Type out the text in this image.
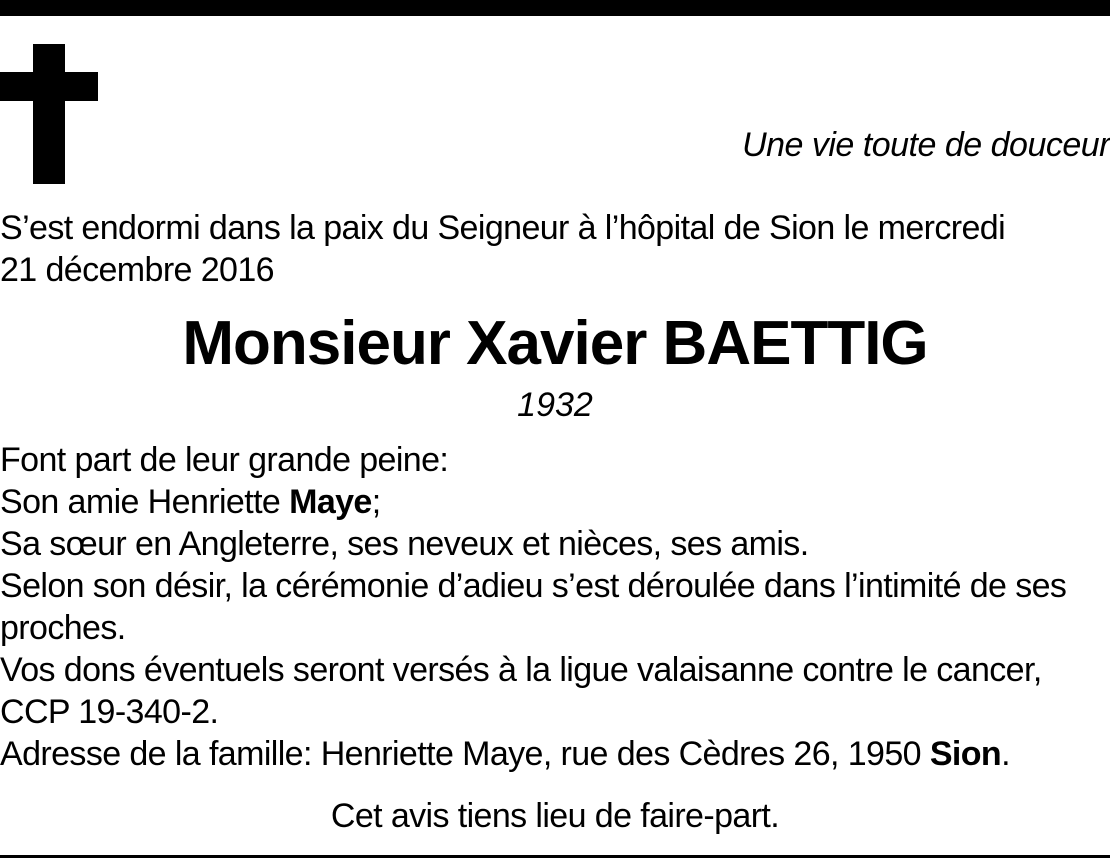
Une vie toute de douceur
S’est endormi dans la paix du Seigneur à l’hôpital de Sion le mercredi
21 décembre 2016
Monsieur Xavier BAETTIG
1932
Font part de leur grande peine:
Son amie Henriette Maye;
Sa sœur en Angleterre, ses neveux et nièces, ses amis.
Selon son désir, la cérémonie d’adieu s’est déroulée dans l’intimité de ses
proches.
Vos dons éventuels seront versés à la ligue valaisanne contre le cancer,
CCP 19-340-2.
Adresse de la famille: Henriette Maye, rue des Cèdres 26, 1950 Sion.
Cet avis tiens lieu de faire-part.
